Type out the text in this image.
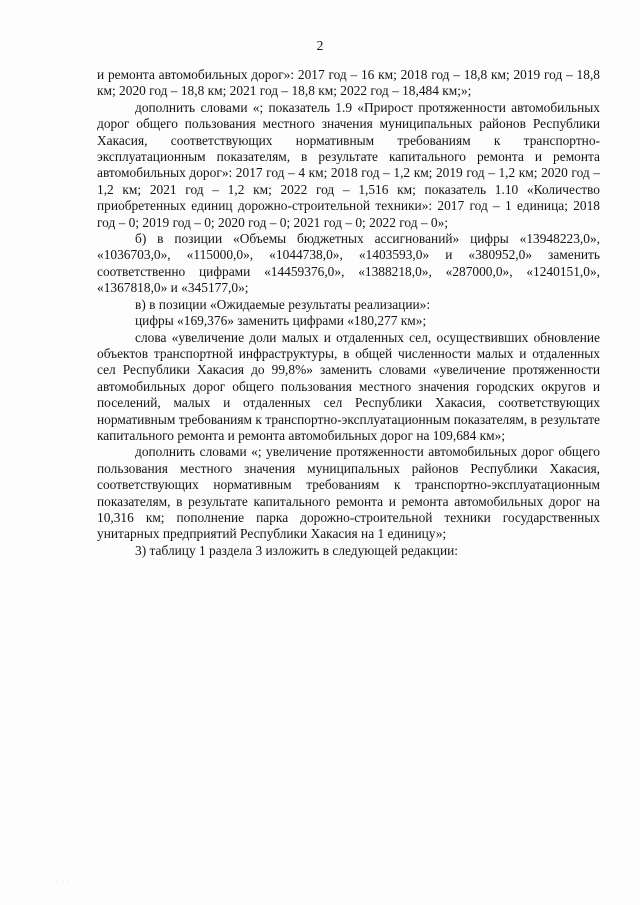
2

и ремонта автомобильных дорог»: 2017 год – 16 км; 2018 год – 18,8 км; 2019 год – 18,8 км; 2020 год – 18,8 км; 2021 год – 18,8 км; 2022 год – 18,484 км;»;

дополнить словами «; показатель 1.9 «Прирост протяженности автомобильных дорог общего пользования местного значения муниципальных районов Республики Хакасия, соответствующих нормативным требованиям к транспортно-эксплуатационным показателям, в результате капитального ремонта и ремонта автомобильных дорог»: 2017 год – 4 км; 2018 год – 1,2 км; 2019 год – 1,2 км; 2020 год – 1,2 км; 2021 год – 1,2 км; 2022 год – 1,516 км; показатель 1.10 «Количество приобретенных единиц дорожно-строительной техники»: 2017 год – 1 единица; 2018 год – 0; 2019 год – 0; 2020 год – 0; 2021 год – 0; 2022 год – 0»;

б) в позиции «Объемы бюджетных ассигнований» цифры «13948223,0», «1036703,0», «115000,0», «1044738,0», «1403593,0» и «380952,0» заменить соответственно цифрами «14459376,0», «1388218,0», «287000,0», «1240151,0», «1367818,0» и «345177,0»;

в) в позиции «Ожидаемые результаты реализации»:

цифры «169,376» заменить цифрами «180,277 км»;

слова «увеличение доли малых и отдаленных сел, осуществивших обновление объектов транспортной инфраструктуры, в общей численности малых и отдаленных сел Республики Хакасия до 99,8%» заменить словами «увеличение протяженности автомобильных дорог общего пользования местного значения городских округов и поселений, малых и отдаленных сел Республики Хакасия, соответствующих нормативным требованиям к транспортно-эксплуатационным показателям, в результате капитального ремонта и ремонта автомобильных дорог на 109,684 км»;

дополнить словами «; увеличение протяженности автомобильных дорог общего пользования местного значения муниципальных районов Республики Хакасия, соответствующих нормативным требованиям к транспортно-эксплуатационным показателям, в результате капитального ремонта и ремонта автомобильных дорог на 10,316 км; пополнение парка дорожно-строительной техники государственных унитарных предприятий Республики Хакасия на 1 единицу»;

3) таблицу 1 раздела 3 изложить в следующей редакции:

· · ·
